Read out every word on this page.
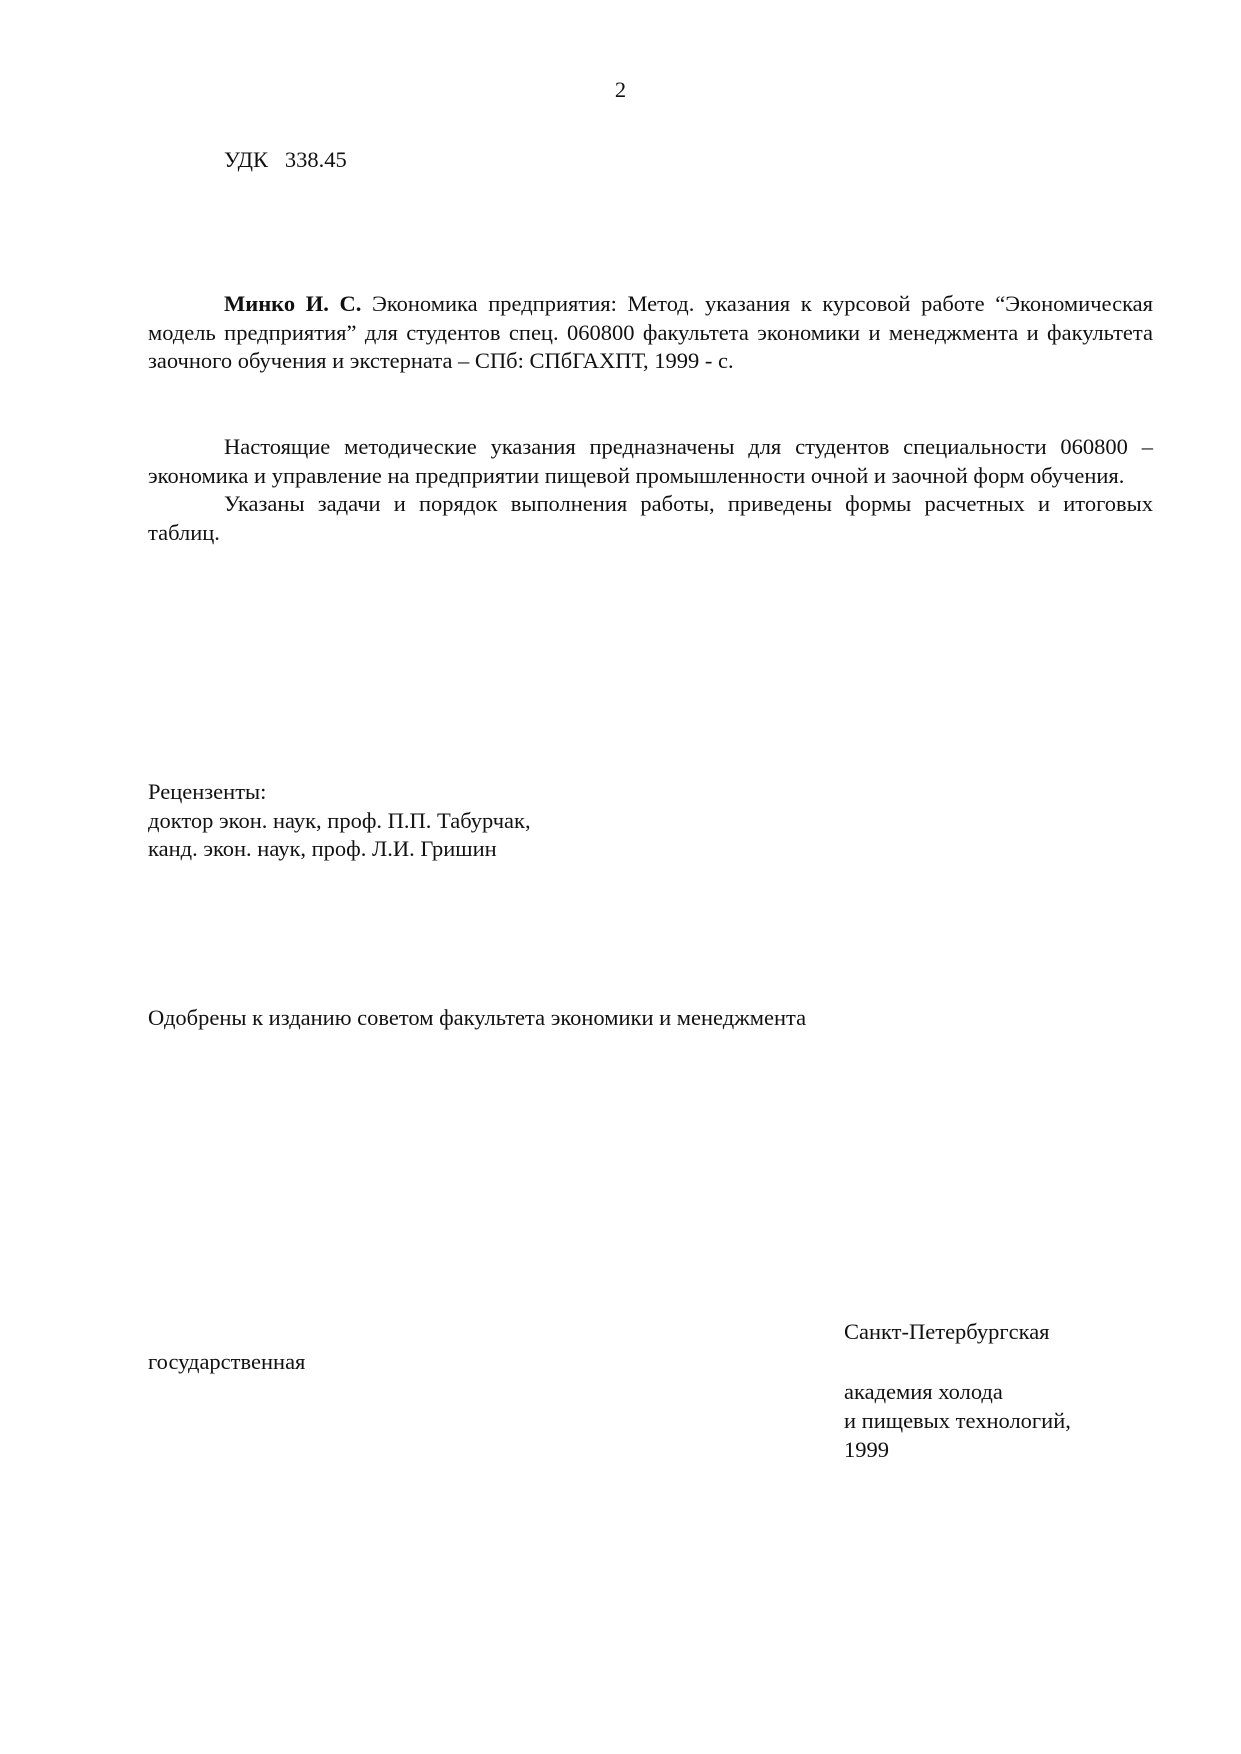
2
УДК   338.45

Минко И. С. Экономика предприятия: Метод. указания к курсовой работе “Экономическая модель предприятия” для студентов спец. 060800 факультета экономики и менеджмента и факультета заочного обучения и экстерната – СПб: СПбГАХПТ, 1999 - с.

Настоящие методические указания предназначены для студентов специальности 060800 – экономика и управление на предприятии пищевой промышленности очной и заочной форм обучения.

Указаны задачи и порядок выполнения работы, приведены формы расчетных и итоговых таблиц.

Рецензенты:
доктор экон. наук, проф. П.П. Табурчак,
канд. экон. наук, проф. Л.И. Гришин
Одобрены к изданию советом факультета экономики и менеджмента
Санкт-Петербургская
государственная
академия холода
и пищевых технологий,
1999
